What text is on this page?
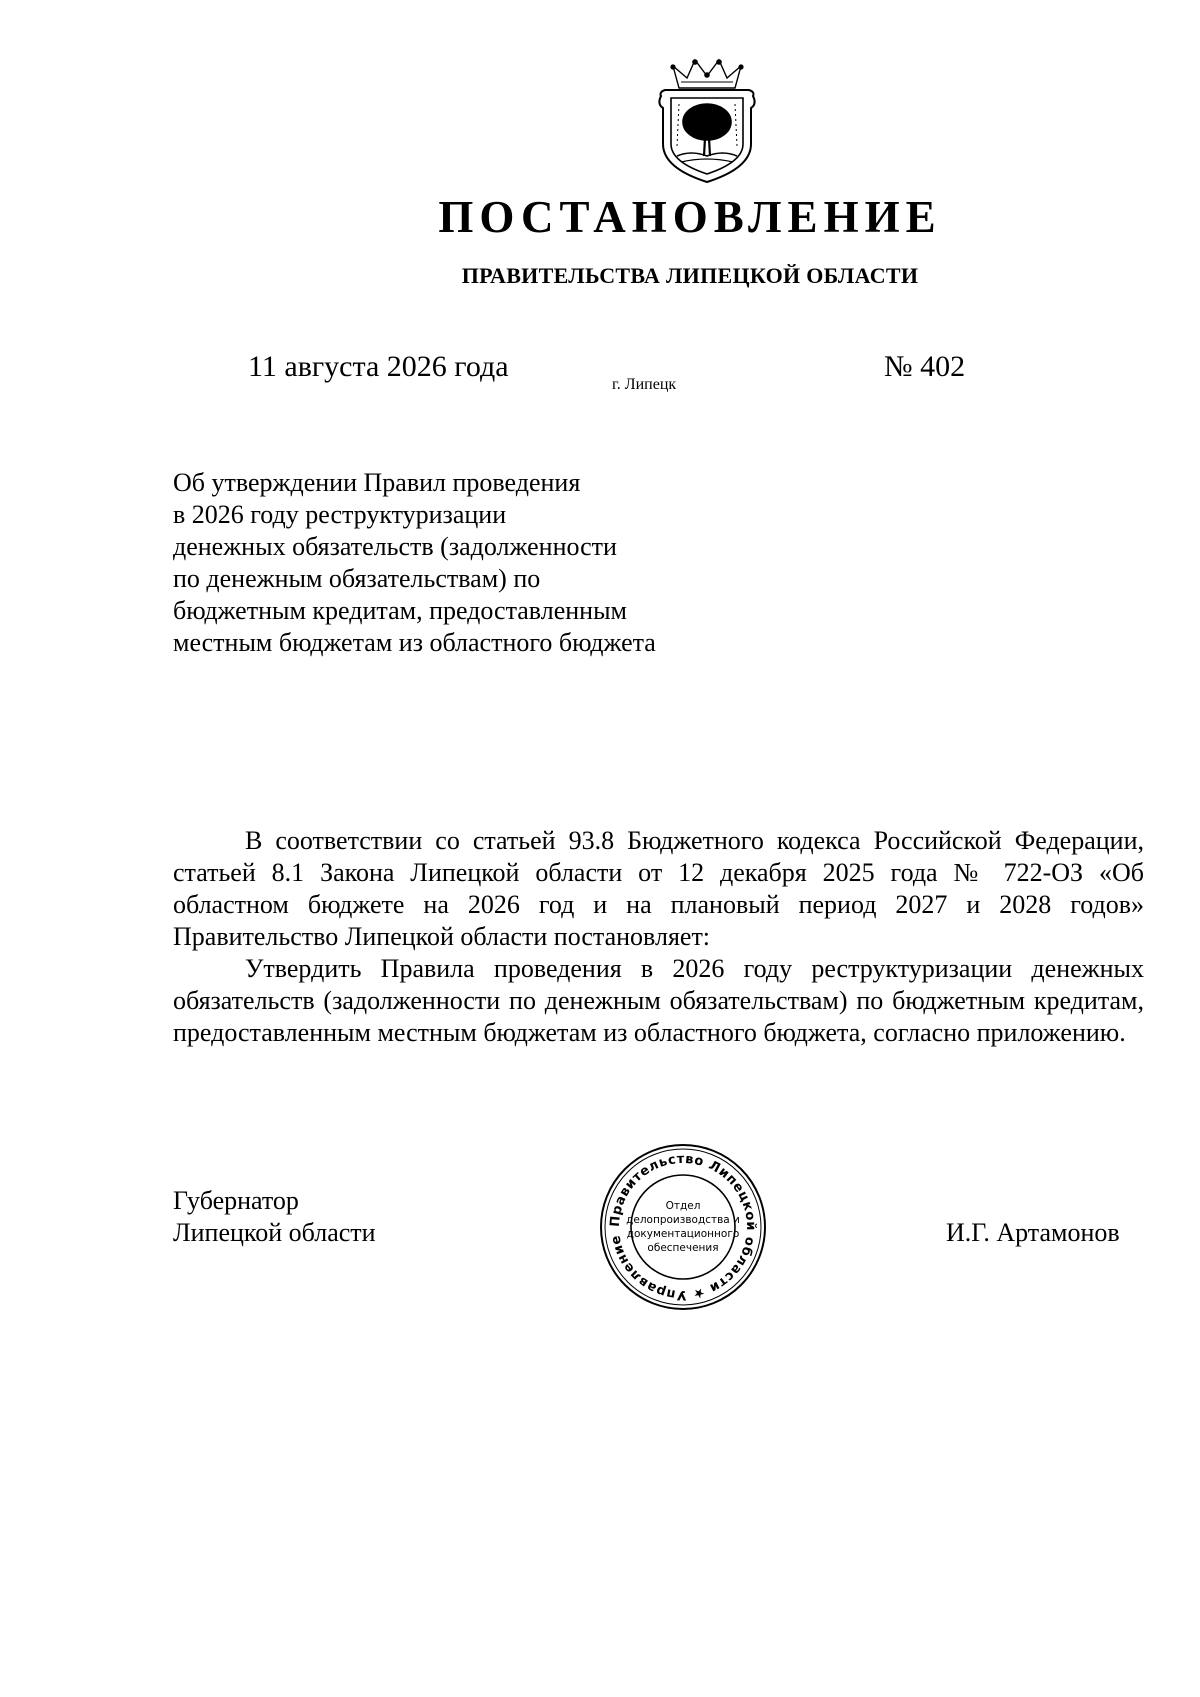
ПОСТАНОВЛЕНИЕ
ПРАВИТЕЛЬСТВА ЛИПЕЦКОЙ ОБЛАСТИ
11 августа 2026 года
г. Липецк
№ 402
Об утверждении Правил проведения
в 2026 году реструктуризации
денежных обязательств (задолженности
по денежным обязательствам) по
бюджетным кредитам, предоставленным
местным бюджетам из областного бюджета

В соответствии со статьей 93.8 Бюджетного кодекса Российской Федерации, статьей 8.1 Закона Липецкой области от 12 декабря 2025 года № 722-ОЗ «Об областном бюджете на 2026 год и на плановый период 2027 и 2028 годов» Правительство Липецкой области постановляет:

Утвердить Правила проведения в 2026 году реструктуризации денежных обязательств (задолженности по денежным обязательствам) по бюджетным кредитам, предоставленным местным бюджетам из областного бюджета, согласно приложению.

Губернатор
Липецкой области	И.Г. Артамонов
Правительство Липецкой области ★ Управление
Отдел
делопроизводства и
документационного
обеспечения
